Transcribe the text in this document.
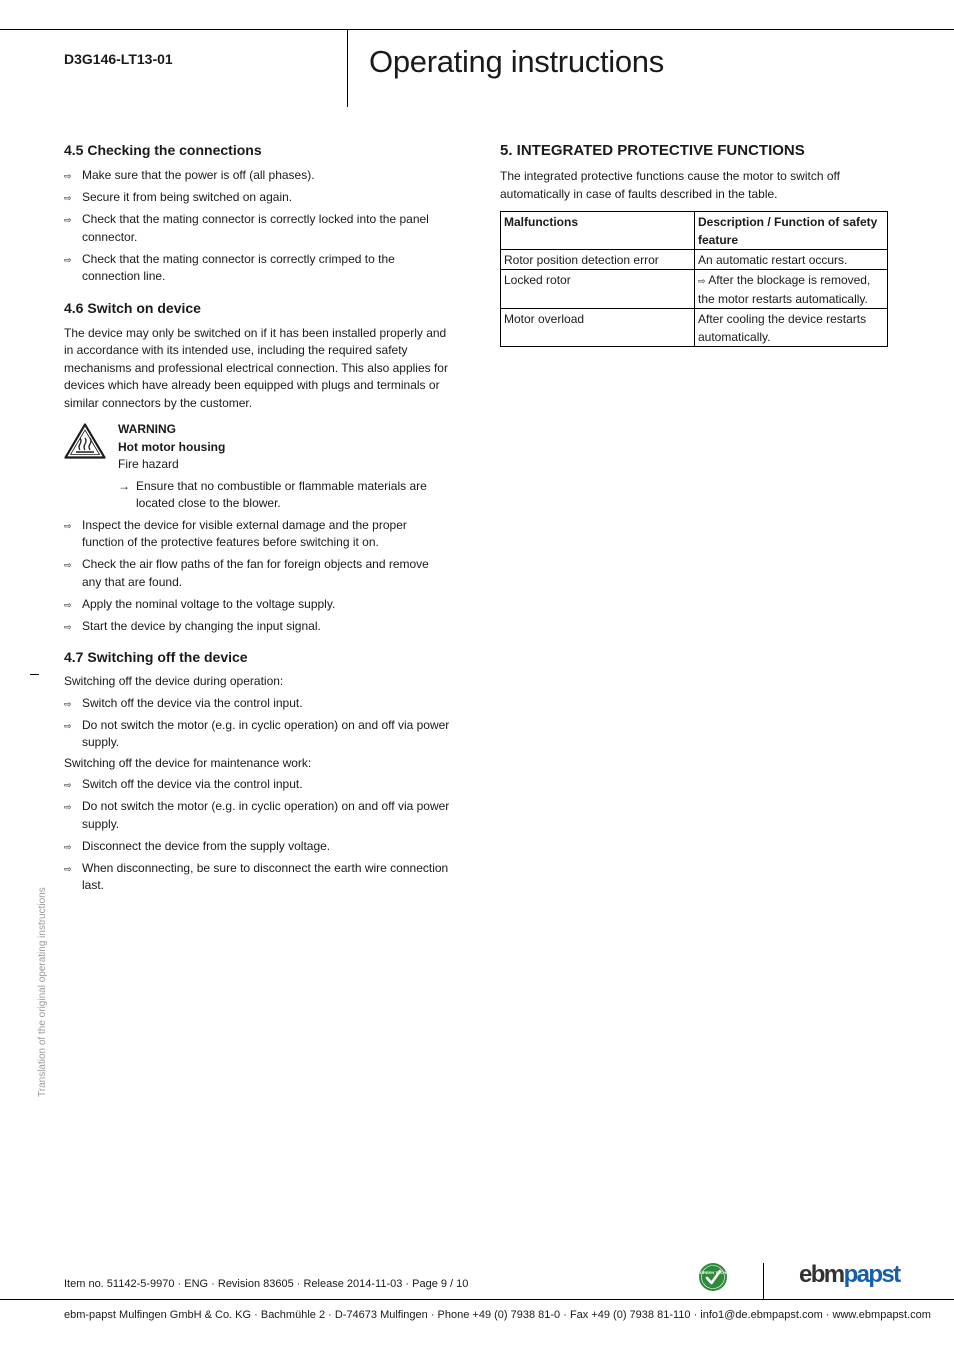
D3G146-LT13-01	Operating instructions
4.5 Checking the connections
⇨ Make sure that the power is off (all phases).
⇨ Secure it from being switched on again.
⇨ Check that the mating connector is correctly locked into the panel connector.
⇨ Check that the mating connector is correctly crimped to the connection line.
4.6 Switch on device

The device may only be switched on if it has been installed properly and in accordance with its intended use, including the required safety mechanisms and professional electrical connection. This also applies for devices which have already been equipped with plugs and terminals or similar connectors by the customer.

WARNING
Hot motor housing
Fire hazard
→ Ensure that no combustible or flammable materials are located close to the blower.
⇨ Inspect the device for visible external damage and the proper function of the protective features before switching it on.
⇨ Check the air flow paths of the fan for foreign objects and remove any that are found.
⇨ Apply the nominal voltage to the voltage supply.
⇨ Start the device by changing the input signal.
4.7 Switching off the device

Switching off the device during operation:

⇨ Switch off the device via the control input.
⇨ Do not switch the motor (e.g. in cyclic operation) on and off via power supply.

Switching off the device for maintenance work:

⇨ Switch off the device via the control input.
⇨ Do not switch the motor (e.g. in cyclic operation) on and off via power supply.
⇨ Disconnect the device from the supply voltage.
⇨ When disconnecting, be sure to disconnect the earth wire connection last.
5. INTEGRATED PROTECTIVE FUNCTIONS

The integrated protective functions cause the motor to switch off automatically in case of faults described in the table.

Malfunctions	Description / Function of safety feature
Rotor position detection error	An automatic restart occurs.
Locked rotor	⇨ After the blockage is removed, the motor restarts automatically.
Motor overload	After cooling the device restarts automatically.
Translation of the original operating instructions
Item no. 51142-5-9970 · ENG · Revision 83605 · Release 2014-11-03 · Page 9 / 10
GREEN TECH	ebmpapst
ebm-papst Mulfingen GmbH & Co. KG · Bachmühle 2 · D-74673 Mulfingen · Phone +49 (0) 7938 81-0 · Fax +49 (0) 7938 81-110 · info1@de.ebmpapst.com · www.ebmpapst.com
